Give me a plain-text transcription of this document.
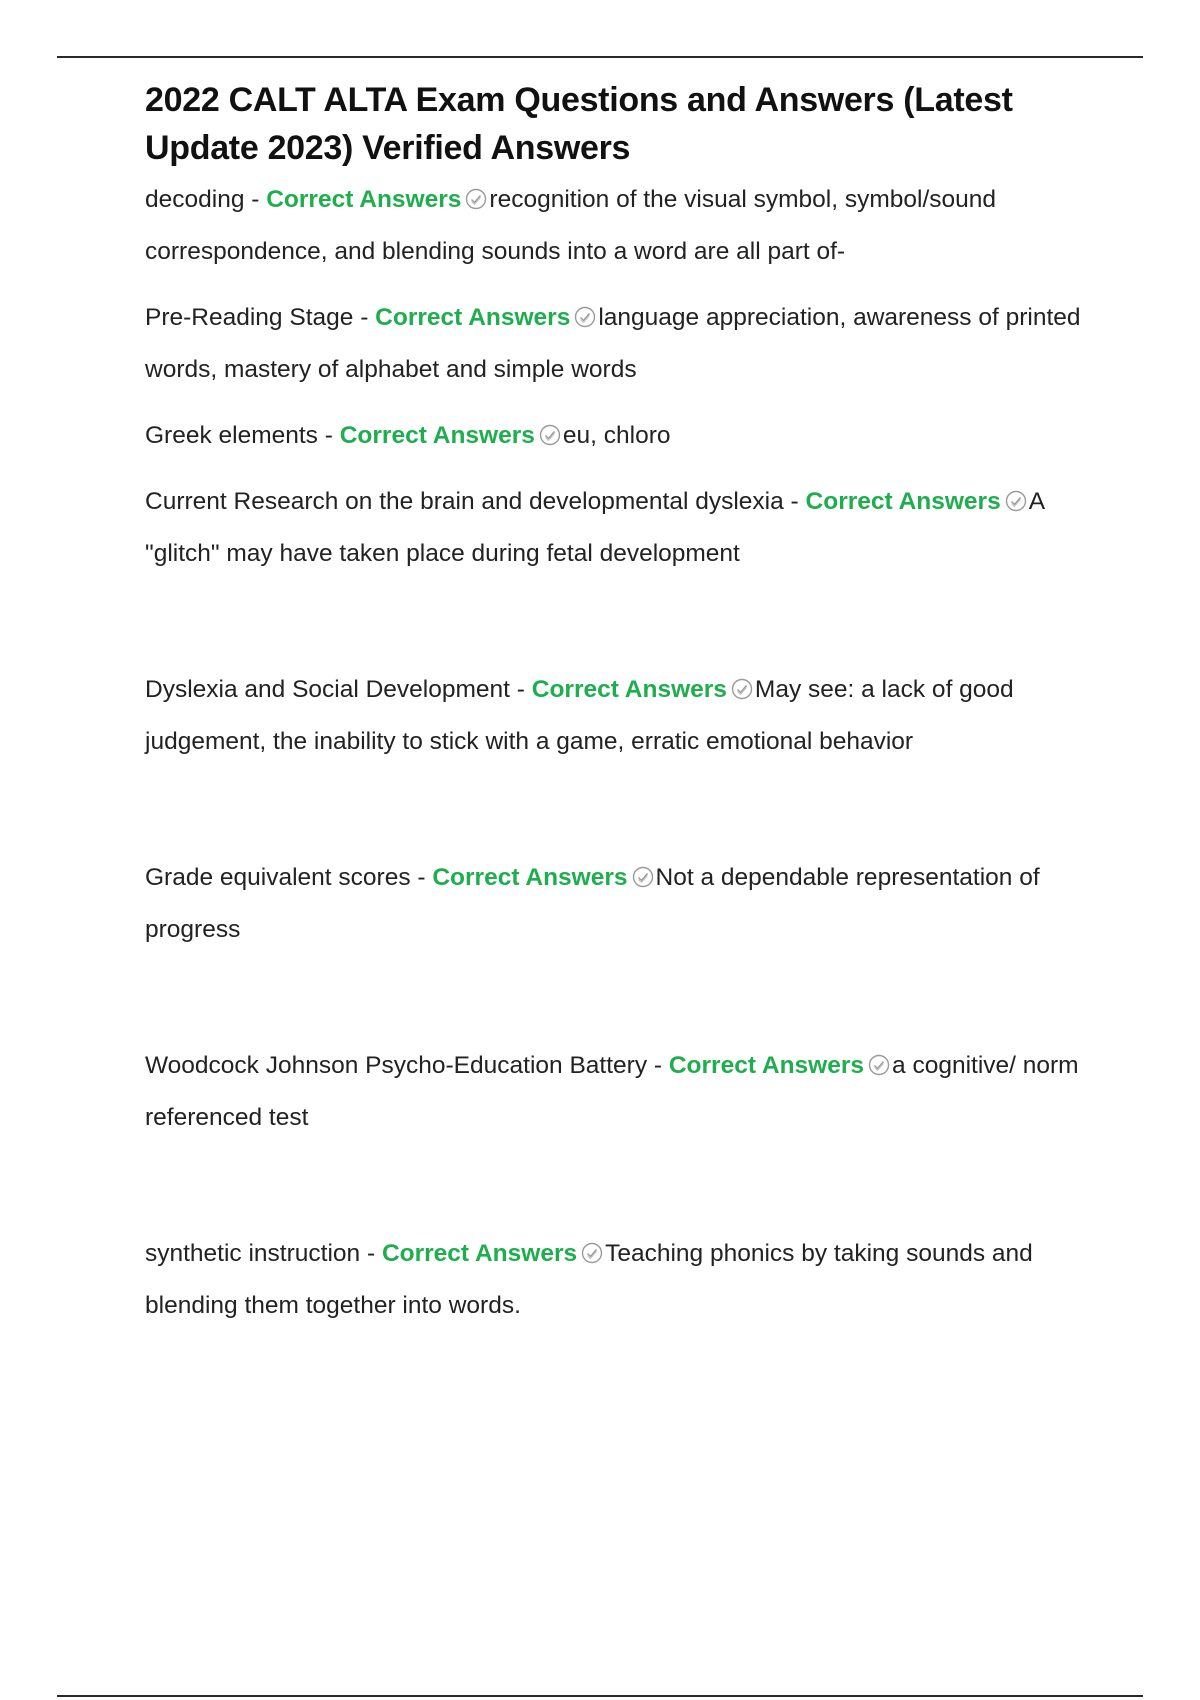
2022 CALT ALTA Exam Questions and Answers (Latest Update 2023) Verified Answers

decoding - Correct Answers recognition of the visual symbol, symbol/sound correspondence, and blending sounds into a word are all part of-

Pre-Reading Stage - Correct Answers language appreciation, awareness of printed words, mastery of alphabet and simple words

Greek elements - Correct Answers eu, chloro

Current Research on the brain and developmental dyslexia - Correct Answers A "glitch" may have taken place during fetal development

Dyslexia and Social Development - Correct Answers May see: a lack of good judgement, the inability to stick with a game, erratic emotional behavior

Grade equivalent scores - Correct Answers Not a dependable representation of progress

Woodcock Johnson Psycho-Education Battery - Correct Answers a cognitive/ norm referenced test

synthetic instruction - Correct Answers Teaching phonics by taking sounds and blending them together into words.
